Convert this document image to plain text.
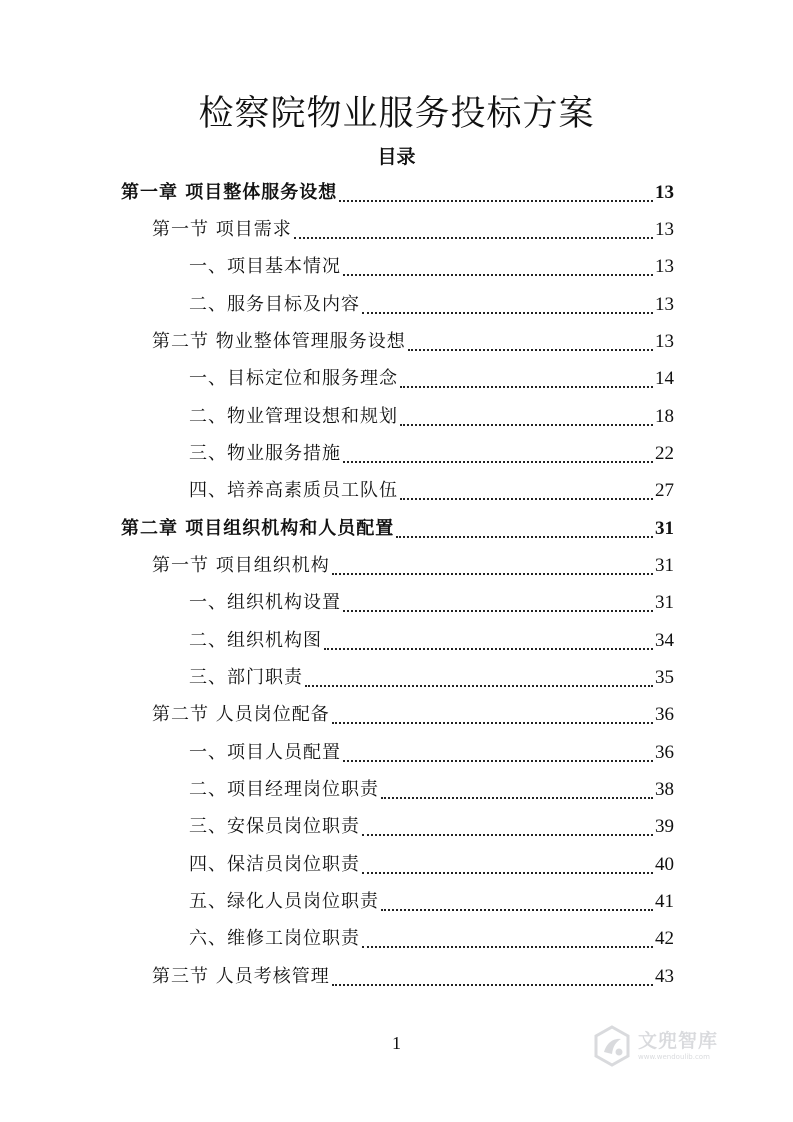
检察院物业服务投标方案
目录
第一章 项目整体服务设想	13
第一节 项目需求	13
一、项目基本情况	13
二、服务目标及内容	13
第二节 物业整体管理服务设想	13
一、目标定位和服务理念	14
二、物业管理设想和规划	18
三、物业服务措施	22
四、培养高素质员工队伍	27
第二章 项目组织机构和人员配置	31
第一节 项目组织机构	31
一、组织机构设置	31
二、组织机构图	34
三、部门职责	35
第二节 人员岗位配备	36
一、项目人员配置	36
二、项目经理岗位职责	38
三、安保员岗位职责	39
四、保洁员岗位职责	40
五、绿化人员岗位职责	41
六、维修工岗位职责	42
第三节 人员考核管理	43
1	文兜智库
www.wendoulib.com
